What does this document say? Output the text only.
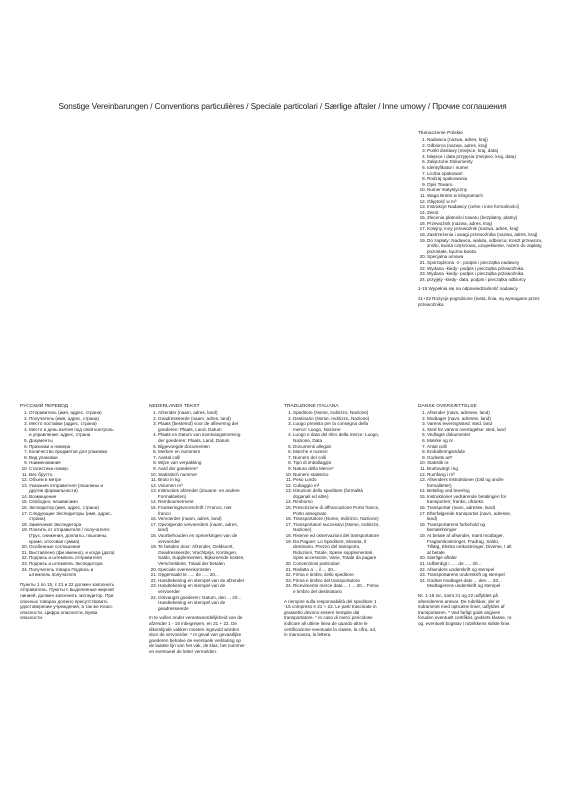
Sonstige Vereinbarungen / Conventions particulières / Speciale particolari / Særlige aftaler / Inne umowy / Прочие соглашения
Tłumaczenie Polskie
1. Nadawca (nazwa, adres, kraj)
2. Odbiorca (nazwa, adres, kraj)
3. Punkt dostawy (miejsce, kraj, data)
4. Miejsce i data przyjęcia (miejsce, kraj, data)
5. Załączone Dokumenty
6. Identyfikator i numer
7. Liczba opakowań
8. Rodzaj opakowania
9. Opis Towaru
10. Numer statystyczny
11. Waga Brutto w kilogramach
12. Objętość w m³
13. Instrukcje Nadawcy (celne i inne formalności)
14. Zwrot
15. Zlecenia płatności towaru (bezpłatny, płatny)
16. Przewoźnik (nazwa, adres, kraj)
17. Kolejny, inny przewoźnik (nazwa, adres, kraj)
18. Zastrzeżenia i uwagi przewoźnika (nazwa, adres, kraj)
19. Do zapłaty: Nadawca, waluta, odbiorca; Koszt przewozu, zniżki, kwota częściowa, uzupełnienie, razem do zapłaty, pozostałe, łączna kwota.
20. Specjalna umowa
21. Sporządzona -z-, podpis i pieczątka nadawcy
22. Wydana -kiedy- podpis i pieczątka przewoźnika
23. Wydana -kiedy- podpis i pieczątka przewoźnika
24. przyjęty -kiedy- data, podpis i pieczątka odbiorcy
1-15 Wypełnia się na odpowiedzialność nadawcy
21+22 Rozycje pogrubione (tusta, linia, są wymagane przez przewoźnika
РУССКИЙ ПЕРЕВОД
1. Отправитель (имя, адрес, страна)
2. Получатель (имя, адрес, страна)
3. Место поставки (адрес, страна)
4. Место и день взятия под свой контроль и управление: адрес, страна
5. Документы
6. Признаки и номера
7. Количество предметов для упаковки
8. Вид упаковки
9. Наименование
10. Статистика номер.
11. Вес брутто
12. Объем в метре
13. Указания отправителя (пошлины и другие формальности)
14. Возмещение
15. Свободно, независимо
16. Экспедитор (имя, адрес, страна)
17. Следующие Экспедиторы (имя, адрес, страна)
18. Замечания Экспедитора
19. Платить от отправителя / получателя: (Груз, снижения, доплаты, пошлины, кроме, итоговая сумма)
20. Особенные соглашения
21. Выставлено (фи именно), и когда (дата)
22. Подпись и штемпель отправителя
23. Подпись и штемпель Экспедитора
24. Получатель товара Подпись и штемпель получателя
Пункты 1 по 15, с 21 и 22 должен заполнить отправитель. Пункты с выделенные жирной линией, должен заполнить экспедитор. При опасных товарах должно присутствовать удостоверение учреждения, а так же Класс опасности, Цифра опасности, Буква опасности.
NEDERLANDS TEKST
1. Afzender (naam, adres, land)
2. Geadresseerde (naam, adres, land)
3. Plaats (bestemd) voor de aflevering der goederen: Plaats, Land, Datum
4. Plaats en Datum van inontvangstneming der goederen: Plaats, Land, Datum
5. Bijgevoegde documenten
6. Merken en nummers
7. Aantal colli
8. Wijze van verpakking
9. Aard der goederen*
10. Statistisch nummer
11. Bruto in kg
12. Volumen m³
13. Instructies afzender (douane- en andere Formaliteiten)
14. Rembourserment
15. Frankeringsvoorschrift / Franco, niet franco
16. Vervoerder (naam, adres, land)
17. Opvolgende vervoerders (naam, adres, land)
18. Voorbehouden en opmerkingen van de vervoerder
19. Te betalen door: Afzender, Geldsoort, Geadresseerde; Vrachtprijs, Kortingen, Saldo, Supplementen, Bijkomende kosten, Verschelderie, Totaal der betalen
20. Speciale overeenkomsten
21. Opgemaakt te ..... de ..... 20...
22. Handtekening en stempel van de afzender
23. Handtekening en stempel van de vervoerder
24. Ontvangst goederen: Datum, den ... 20... Handtekening en stempel van de geadresseerde
In te vullen onder verantwoordelijkheid van de afzender 1 - 15 inbegrepen, en 21 + 22. De dikomlijnde vakken moeten ingevuld worden door de vervoerder. * In geval van gevaarlijke goederen behalve de eventuele verklaring op de laatste lijn van het vak, de klas, het nummer en eventueel de letter vermelden.
TRADUZIONE ITALIANA
1. Speditore (Nome, Indirizzo, Nazione)
2. Destinario (Nome, Indirizzo, Nazione)
3. Luogo previsto per la consegna della merce: Luogo, Nazione
4. Luogo e data del ritiro della merce: Luogo, Nazione, Data
5. Documenti allegati
6. Marche e numeri
7. Numero del colli
8. Tipo di imballaggio
9. Natura della Merce*
10. Numero statistico
11. Peso Lordo
12. Cubaggio m³
13. Istruzioni dello speditore (formalità doganali ed altre)
14. Rimborso
15. Prescrizione di affrancazione Porto franco, Porto assegnato
16. Transportatore (Nome, Indirizzo, Nazione)
17. Transportatori successivi (Nome, Indirizzo, Nazione)
18. Riserve ed osservazioni del transportatore
19. Da Pagare: Lo Speditore, Moneta, Il destinario, Prezzo del transporto, Riduzioni, Totale, Spese supplementari, Spes accessorie, Varie, Totale da pagare
20. Convenzioni particolari
21. Redatto a ... il ... 20...
22. Firma e timbro dello speditore
23. Firma e timbro del transportatore
24. Ricevimento merce data ... I ... 20... Firma e timbro del destinatario
A riempire sulla responsabilità del speditore 1 -15 compreso e 21 + 22. Le parti trascinate in grassetto devono essere riempite dal transportatore. * In caso di merci pericolose indicare all ultime linea de quardo altre le certificazione eventuale la classe, la cifra, od, in mancanza, la lettera.
DANSK OVERSÆTTELSE
1. Afsender (navn, adresse, land)
2. Modtager (navn, adresse, land)
3. Varens leveringssted: sted, land
4. Sted for varens overtagelse: sted, land
5. Vedlagte dokumenter
6. Mærke og nr
7. Antal colli
8. Emballeringsmåde
9. Godsets art*
10. Statistik nr.
11. Bruttovægt i kg
12. Rumfang i m³
13. Afsenders instruktioner (told og andre formaliteter)
14. Betaling ved levering
15. Instruktioner vedrørende betalingen for transporten; franko, ufranko
16. Transportør (navn, adresse, land)
17. Efterfølgende transportør (navn, adresse, land)
18. Transportørens forbehold og bemærkninger
19. At betale af afsender, mønt modtager, Fragtomkostninger, Fradrag, Saldo, Tillæg, Ekstra omkostninger, Diverse, I alt at betale
20. Særlige aftaler
21. Udfærdigt i ..... de ..... 20...
22. Afsenders underskrift og stempel
23. Transportørens underskrift og stempel
24. Godset modtaget dato ... den ... 20... Modtagerens underskrift og stempel
Nr. 1-15 inc. samt 21 og 22 udfyldes på afsenderens ansvar. De rubrikker, der er indrammet med optrukne linier, udfyldes af transportøren. * Ved farligt gods angives foruden eventuelt certifikat, godsets klasse, nr. og. eventuelt bogstav i rubrikkens sidste linie.
